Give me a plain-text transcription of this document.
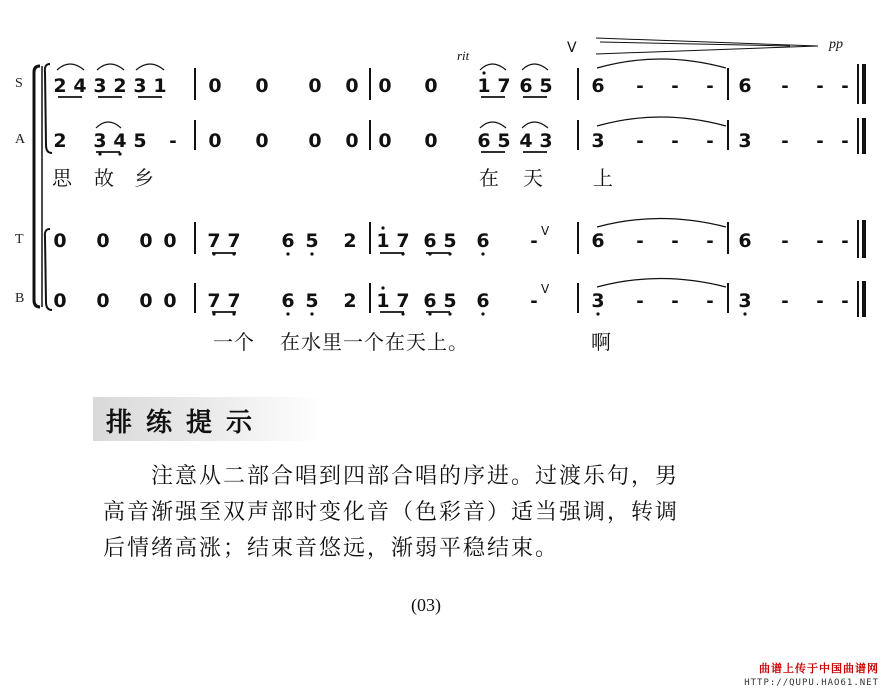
2 4 3 2 3 1 0 0 0 0 0 0 1 7 6 5 6 - - - 6 - - -
2 3 4 5 - 0 0 0 0 0 0 6 5 4 3 3 - - - 3 - - -
0 0 0 0 7 7 6 5 2 1 7 6 5 6 -	6 - - - 6 - - -
0 0 0 0 7 7 6 5 2 1 7 6 5 6 -	3 - - - 3 - - -
S
A
T
B
rit
pp
V
V
V
思 故 乡	在 天 上
一个 在水里一个在天上。	啊
排练提示

注意从二部合唱到四部合唱的序进。过渡乐句，男

高音渐强至双声部时变化音（色彩音）适当强调，转调

后情绪高涨；结束音悠远，渐弱平稳结束。

(03)
曲谱上传于中国曲谱网
HTTP://QUPU.HAO61.NET
